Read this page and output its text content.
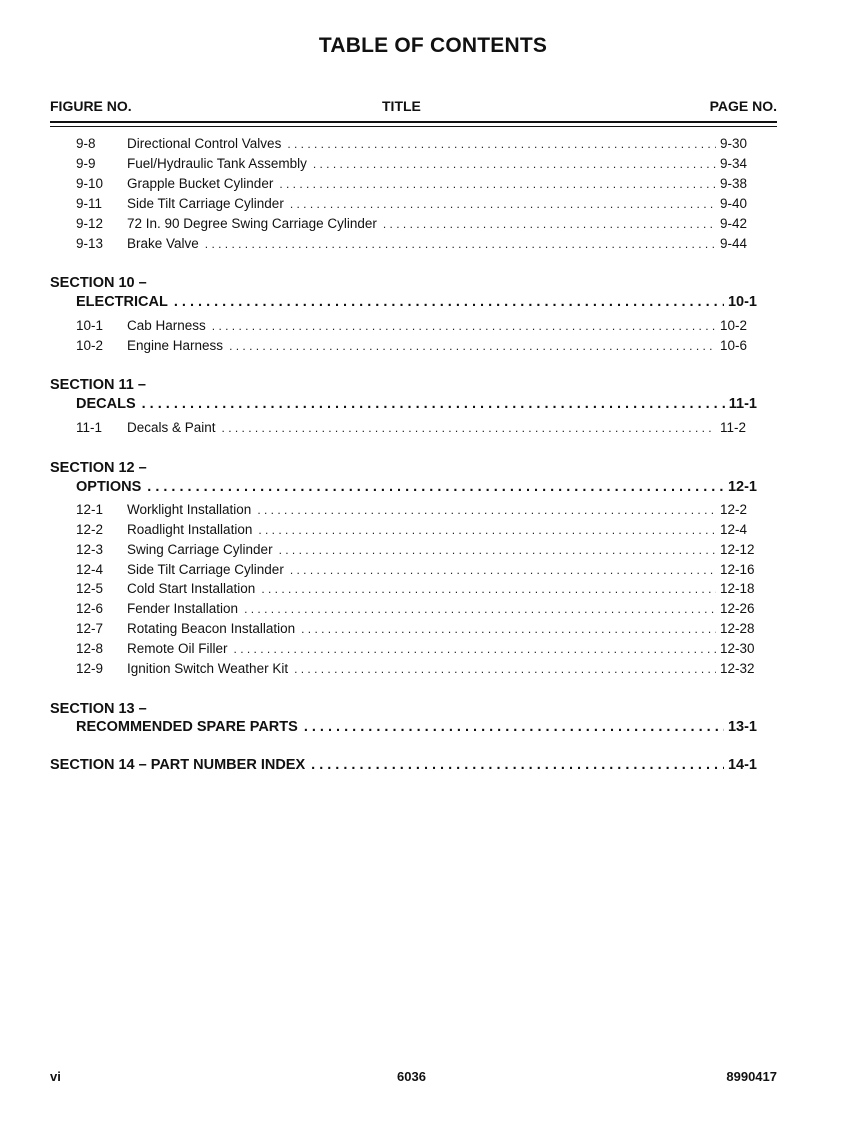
TABLE OF CONTENTS
FIGURE NO.	TITLE	PAGE NO.
9-8	Directional Control Valves . . .	9-30
9-9	Fuel/Hydraulic Tank Assembly . . .	9-34
9-10	Grapple Bucket Cylinder . . .	9-38
9-11	Side Tilt Carriage Cylinder . . .	9-40
9-12	72 In. 90 Degree Swing Carriage Cylinder . . .	9-42
9-13	Brake Valve . . .	9-44
SECTION 10 –
ELECTRICAL . . .	10-1
10-1	Cab Harness . . .	10-2
10-2	Engine Harness . . .	10-6
SECTION 11 –
DECALS . . .	11-1
11-1	Decals & Paint . . .	11-2
SECTION 12 –
OPTIONS . . .	12-1
12-1	Worklight Installation . . .	12-2
12-2	Roadlight Installation . . .	12-4
12-3	Swing Carriage Cylinder . . .	12-12
12-4	Side Tilt Carriage Cylinder . . .	12-16
12-5	Cold Start Installation . . .	12-18
12-6	Fender Installation . . .	12-26
12-7	Rotating Beacon Installation . . .	12-28
12-8	Remote Oil Filler . . .	12-30
12-9	Ignition Switch Weather Kit . . .	12-32
SECTION 13 –
RECOMMENDED SPARE PARTS . . .	13-1
SECTION 14 – PART NUMBER INDEX . . .	14-1
vi	6036	8990417
